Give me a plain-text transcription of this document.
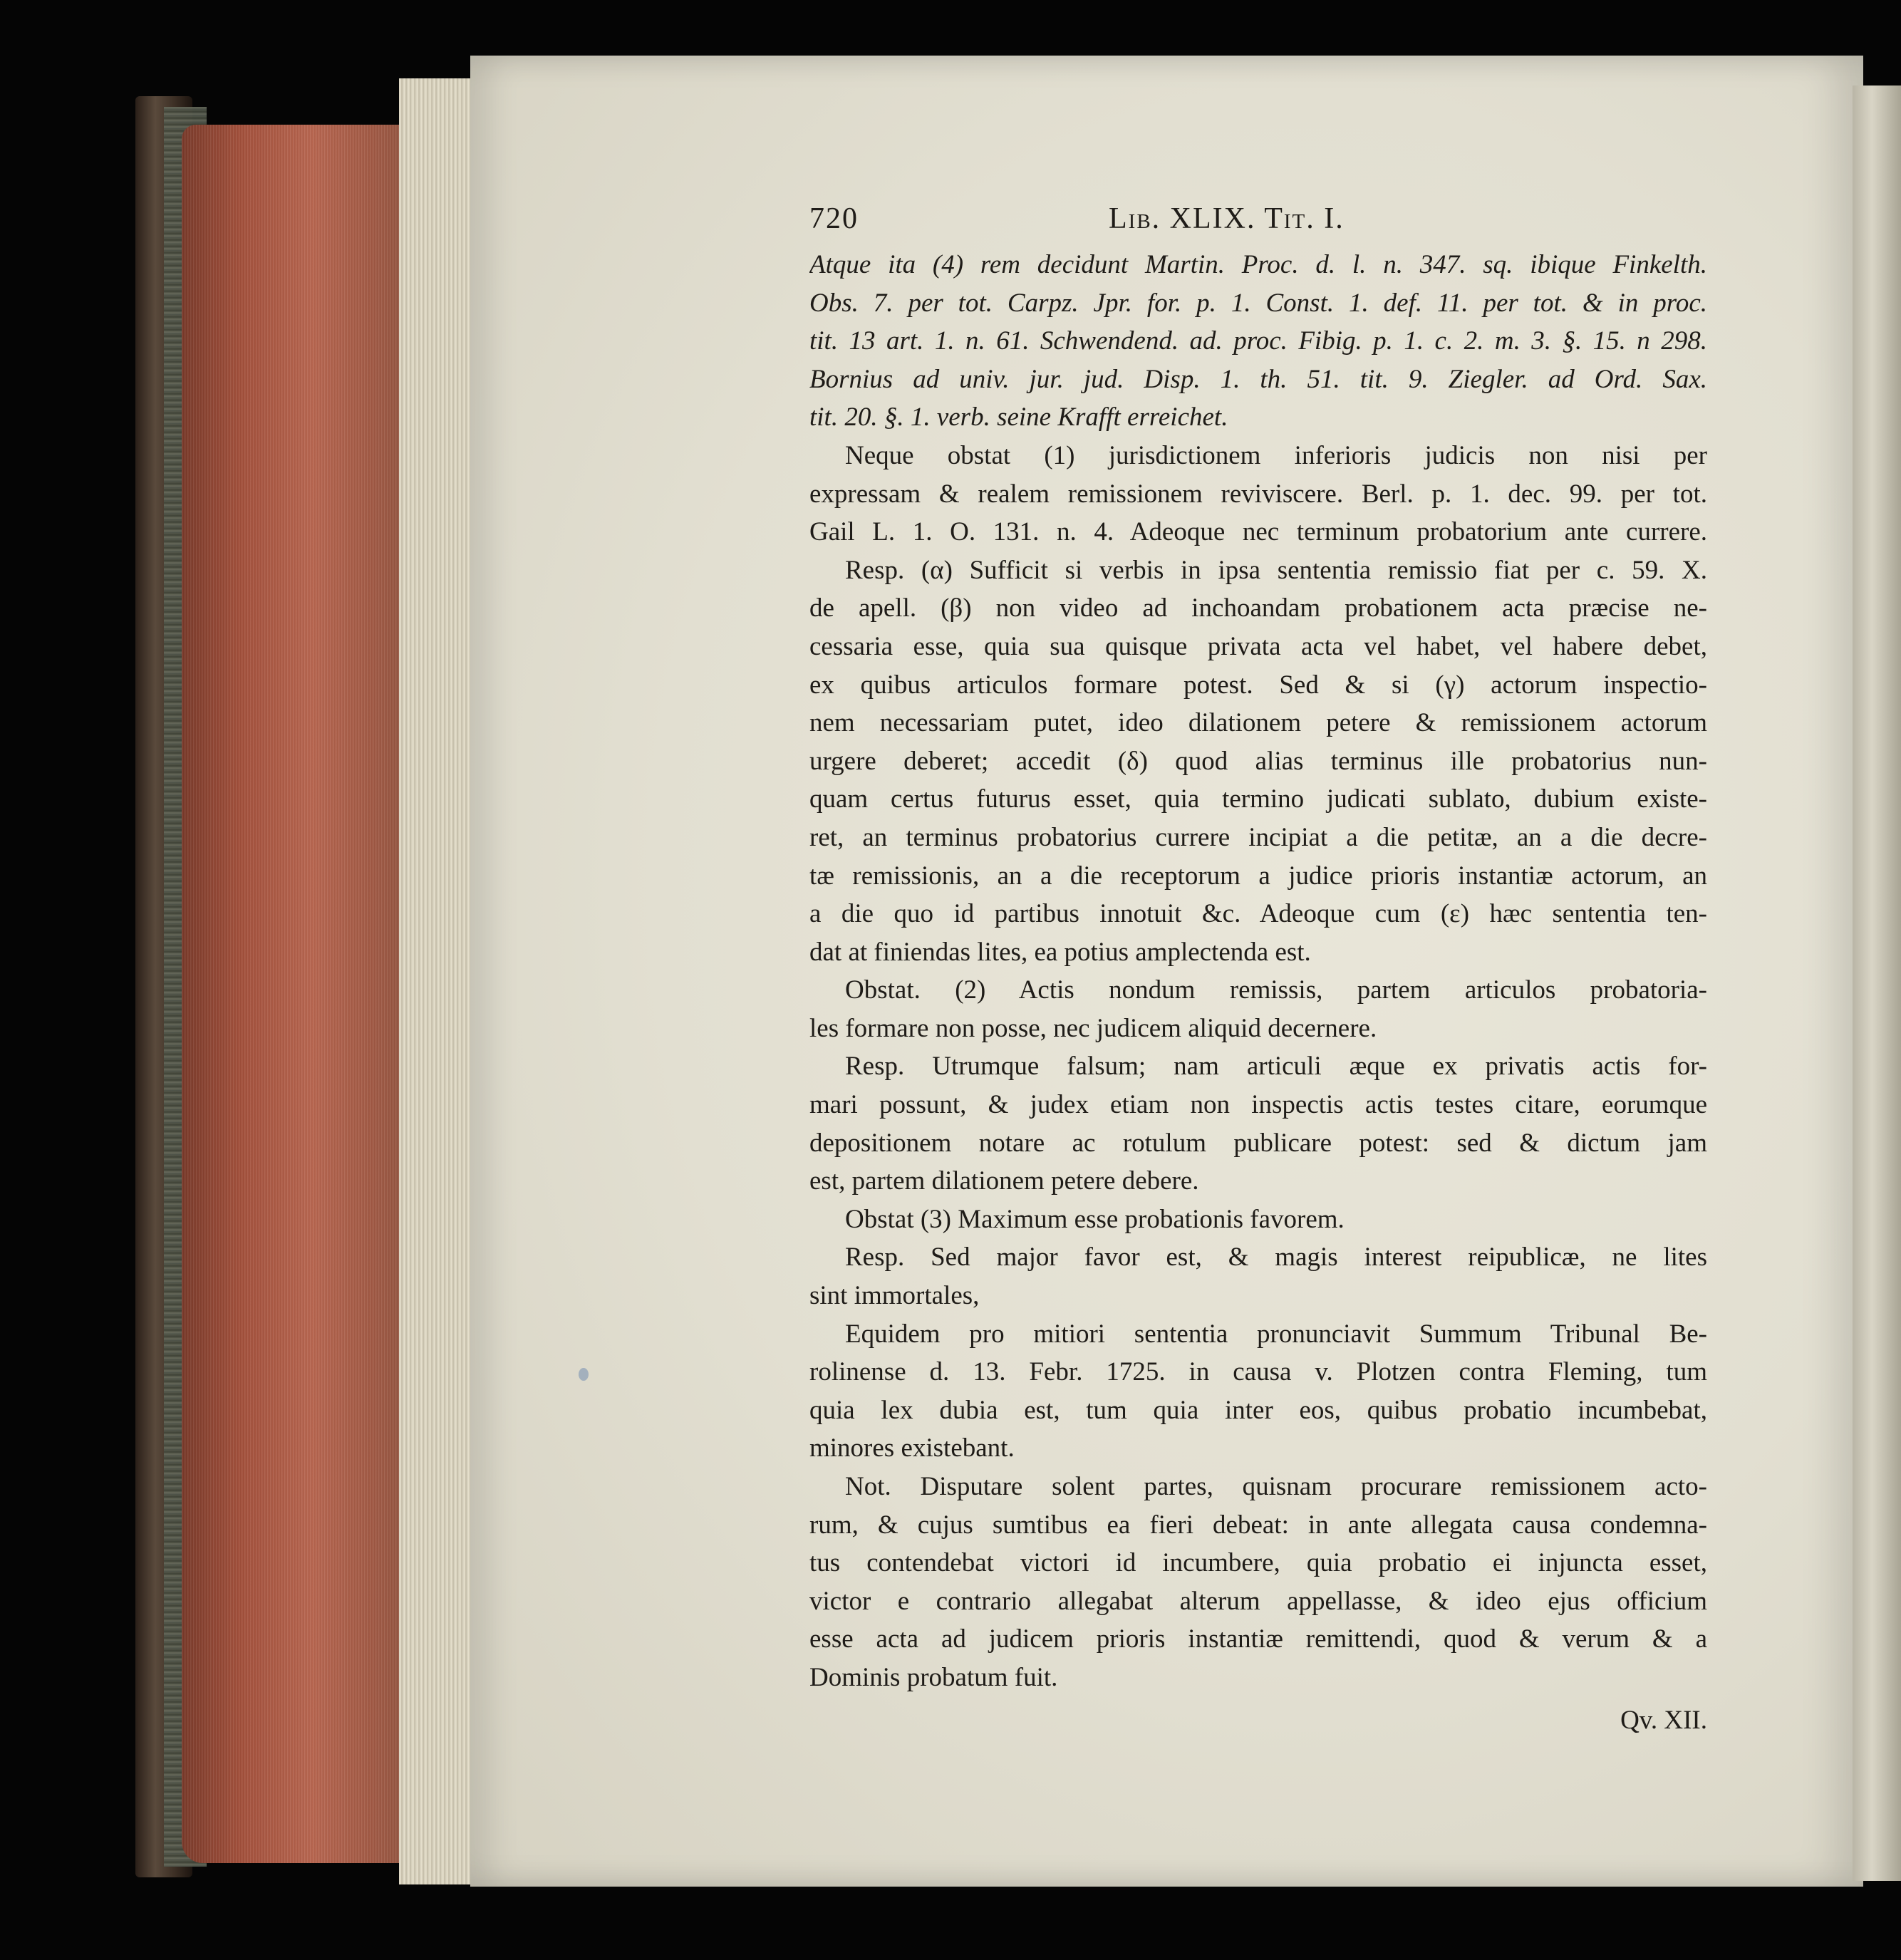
720	Lib. XLIX. Tit. I.
Atque ita (4) rem decidunt Martin. Proc. d. l. n. 347. sq. ibique Finkelth.
Obs. 7. per tot. Carpz. Jpr. for. p. 1. Const. 1. def. 11. per tot. & in proc.
tit. 13 art. 1. n. 61. Schwendend. ad. proc. Fibig. p. 1. c. 2. m. 3. §. 15. n 298.
Bornius ad univ. jur. jud. Disp. 1. th. 51. tit. 9. Ziegler. ad Ord. Sax.
tit. 20. §. 1. verb. seine Krafft erreichet.
Neque obstat (1) jurisdictionem inferioris judicis non nisi per
expressam & realem remissionem reviviscere. Berl. p. 1. dec. 99. per tot.
Gail L. 1. O. 131. n. 4. Adeoque nec terminum probatorium ante currere.
Resp. (α) Sufficit si verbis in ipsa sententia remissio fiat per c. 59. X.
de apell. (β) non video ad inchoandam probationem acta præcise ne-
cessaria esse, quia sua quisque privata acta vel habet, vel habere debet,
ex quibus articulos formare potest. Sed & si (γ) actorum inspectio-
nem necessariam putet, ideo dilationem petere & remissionem actorum
urgere deberet; accedit (δ) quod alias terminus ille probatorius nun-
quam certus futurus esset, quia termino judicati sublato, dubium existe-
ret, an terminus probatorius currere incipiat a die petitæ, an a die decre-
tæ remissionis, an a die receptorum a judice prioris instantiæ actorum, an
a die quo id partibus innotuit &c. Adeoque cum (ε) hæc sententia ten-
dat at finiendas lites, ea potius amplectenda est.
Obstat. (2) Actis nondum remissis, partem articulos probatoria-
les formare non posse, nec judicem aliquid decernere.
Resp. Utrumque falsum; nam articuli æque ex privatis actis for-
mari possunt, & judex etiam non inspectis actis testes citare, eorumque
depositionem notare ac rotulum publicare potest: sed & dictum jam
est, partem dilationem petere debere.
Obstat (3) Maximum esse probationis favorem.
Resp. Sed major favor est, & magis interest reipublicæ, ne lites
sint immortales,
Equidem pro mitiori sententia pronunciavit Summum Tribunal Be-
rolinense d. 13. Febr. 1725. in causa v. Plotzen contra Fleming, tum
quia lex dubia est, tum quia inter eos, quibus probatio incumbebat,
minores existebant.
Not. Disputare solent partes, quisnam procurare remissionem acto-
rum, & cujus sumtibus ea fieri debeat: in ante allegata causa condemna-
tus contendebat victori id incumbere, quia probatio ei injuncta esset,
victor e contrario allegabat alterum appellasse, & ideo ejus officium
esse acta ad judicem prioris instantiæ remittendi, quod & verum & a
Dominis probatum fuit.
Qv. XII.
